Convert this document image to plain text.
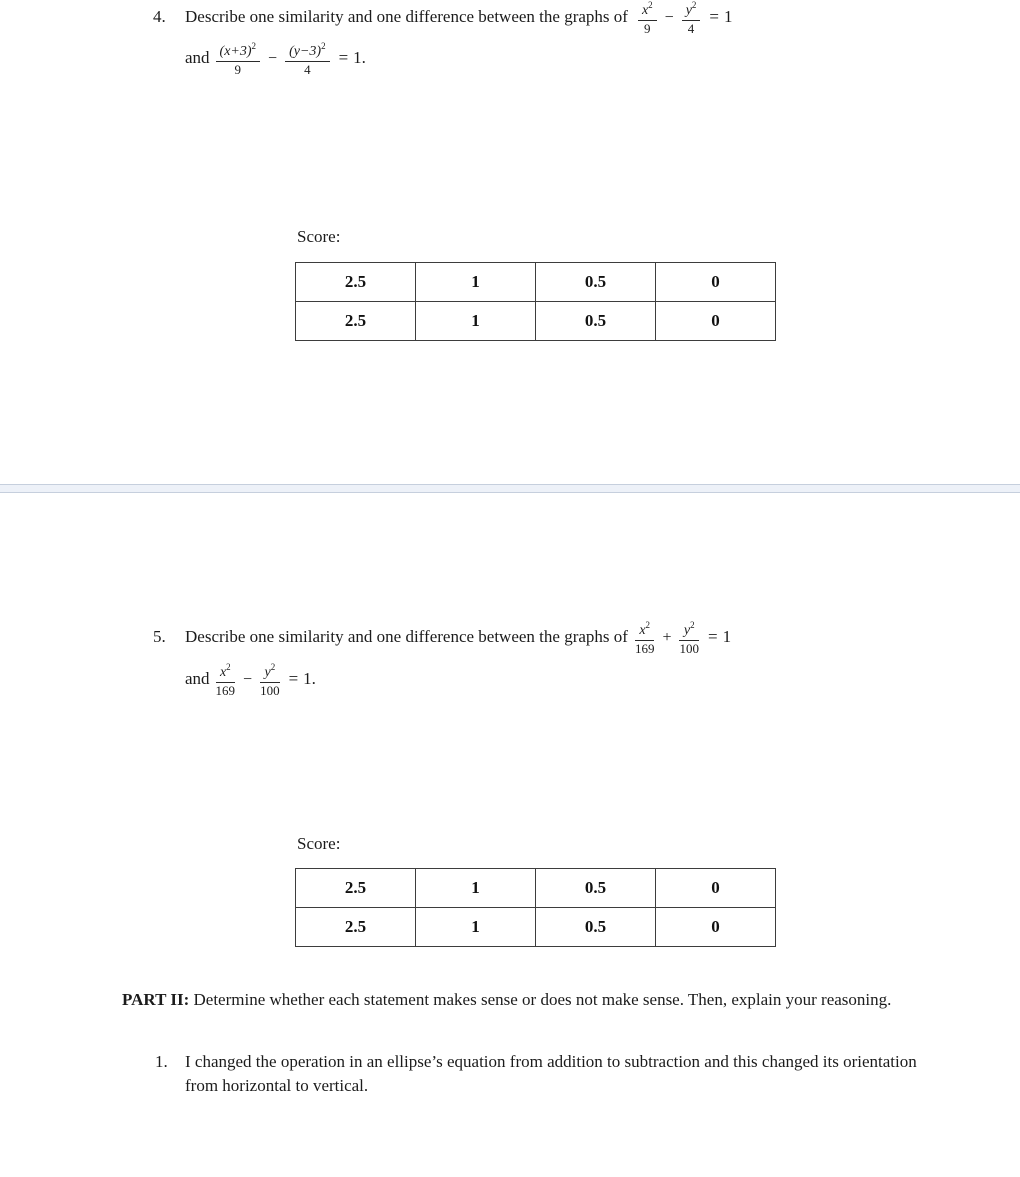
4. Describe one similarity and one difference between the graphs of $\frac{x^2}{9} - \frac{y^2}{4} = 1$
and $\frac{(x+3)^2}{9} - \frac{(y-3)^2}{4} = 1$.
Score:
2.5	1	0.5	0
2.5	1	0.5	0
5. Describe one similarity and one difference between the graphs of $\frac{x^2}{169} + \frac{y^2}{100} = 1$
and $\frac{x^2}{169} - \frac{y^2}{100} = 1$.
Score:
2.5	1	0.5	0
2.5	1	0.5	0
PART II: Determine whether each statement makes sense or does not make sense. Then, explain your reasoning.
1.	I changed the operation in an ellipse’s equation from addition to subtraction and this changed its orientation from horizontal to vertical.
